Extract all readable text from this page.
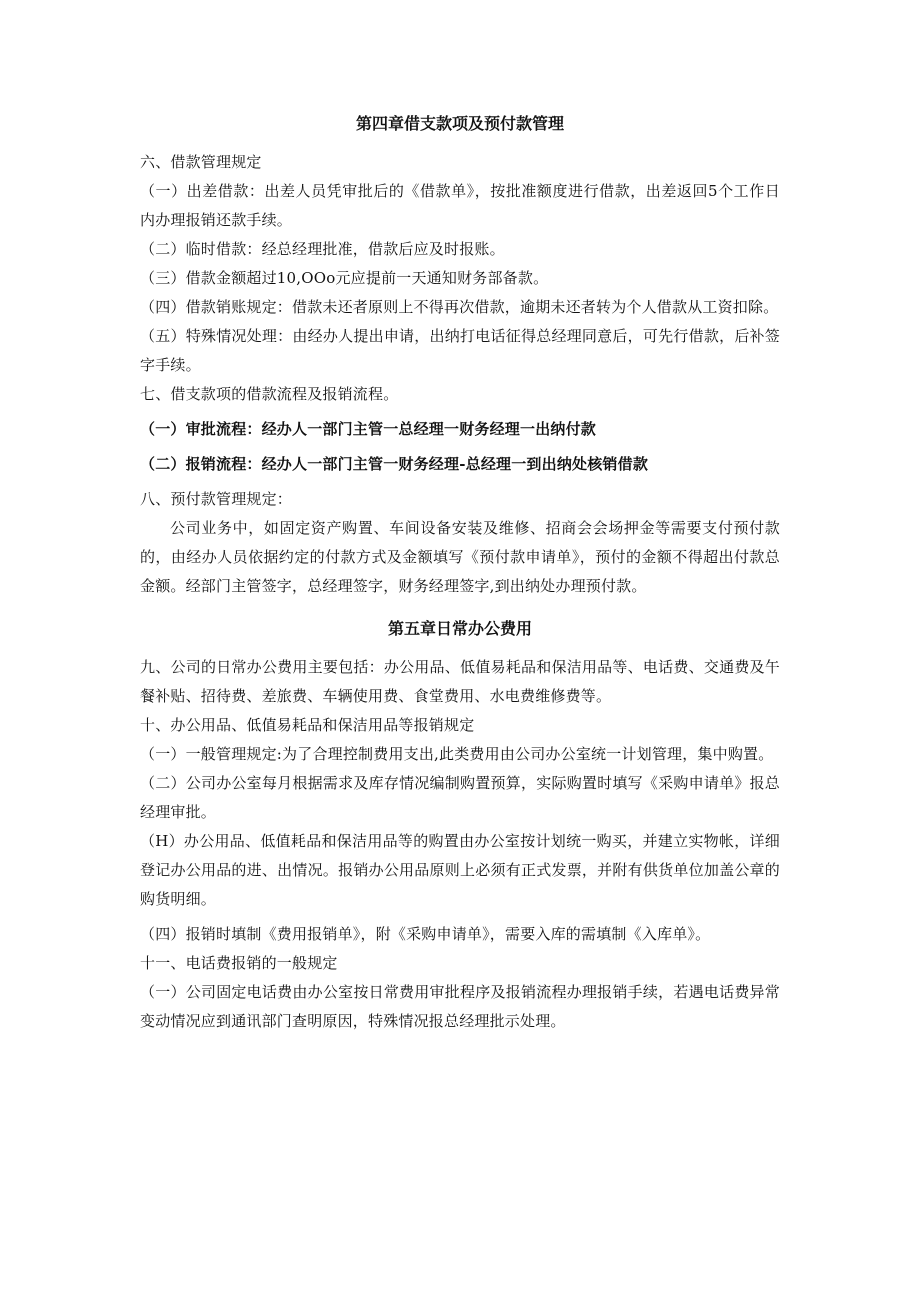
第四章借支款项及预付款管理
六、借款管理规定
（一）出差借款：出差人员凭审批后的《借款单》，按批准额度进行借款，出差返回5个工作日内办理报销还款手续。
（二）临时借款：经总经理批准，借款后应及时报账。
（三）借款金额超过10,OOo元应提前一天通知财务部备款。
（四）借款销账规定：借款未还者原则上不得再次借款，逾期未还者转为个人借款从工资扣除。
（五）特殊情况处理：由经办人提出申请，出纳打电话征得总经理同意后，可先行借款，后补签字手续。
七、借支款项的借款流程及报销流程。
（一）审批流程：经办人一部门主管一总经理一财务经理一出纳付款
（二）报销流程：经办人一部门主管一财务经理-总经理一到出纳处核销借款
八、预付款管理规定：
公司业务中，如固定资产购置、车间设备安装及维修、招商会会场押金等需要支付预付款的，由经办人员依据约定的付款方式及金额填写《预付款申请单》，预付的金额不得超出付款总金额。经部门主管签字，总经理签字，财务经理签字,到出纳处办理预付款。
第五章日常办公费用
九、公司的日常办公费用主要包括：办公用品、低值易耗品和保洁用品等、电话费、交通费及午餐补贴、招待费、差旅费、车辆使用费、食堂费用、水电费维修费等。
十、办公用品、低值易耗品和保洁用品等报销规定
（一）一般管理规定:为了合理控制费用支出,此类费用由公司办公室统一计划管理，集中购置。
（二）公司办公室每月根据需求及库存情况编制购置预算，实际购置时填写《采购申请单》报总经理审批。
（H）办公用品、低值耗品和保洁用品等的购置由办公室按计划统一购买，并建立实物帐，详细登记办公用品的进、出情况。报销办公用品原则上必须有正式发票，并附有供货单位加盖公章的购货明细。
（四）报销时填制《费用报销单》，附《采购申请单》，需要入库的需填制《入库单》。
十一、电话费报销的一般规定
（一）公司固定电话费由办公室按日常费用审批程序及报销流程办理报销手续，若遇电话费异常变动情况应到通讯部门查明原因，特殊情况报总经理批示处理。
